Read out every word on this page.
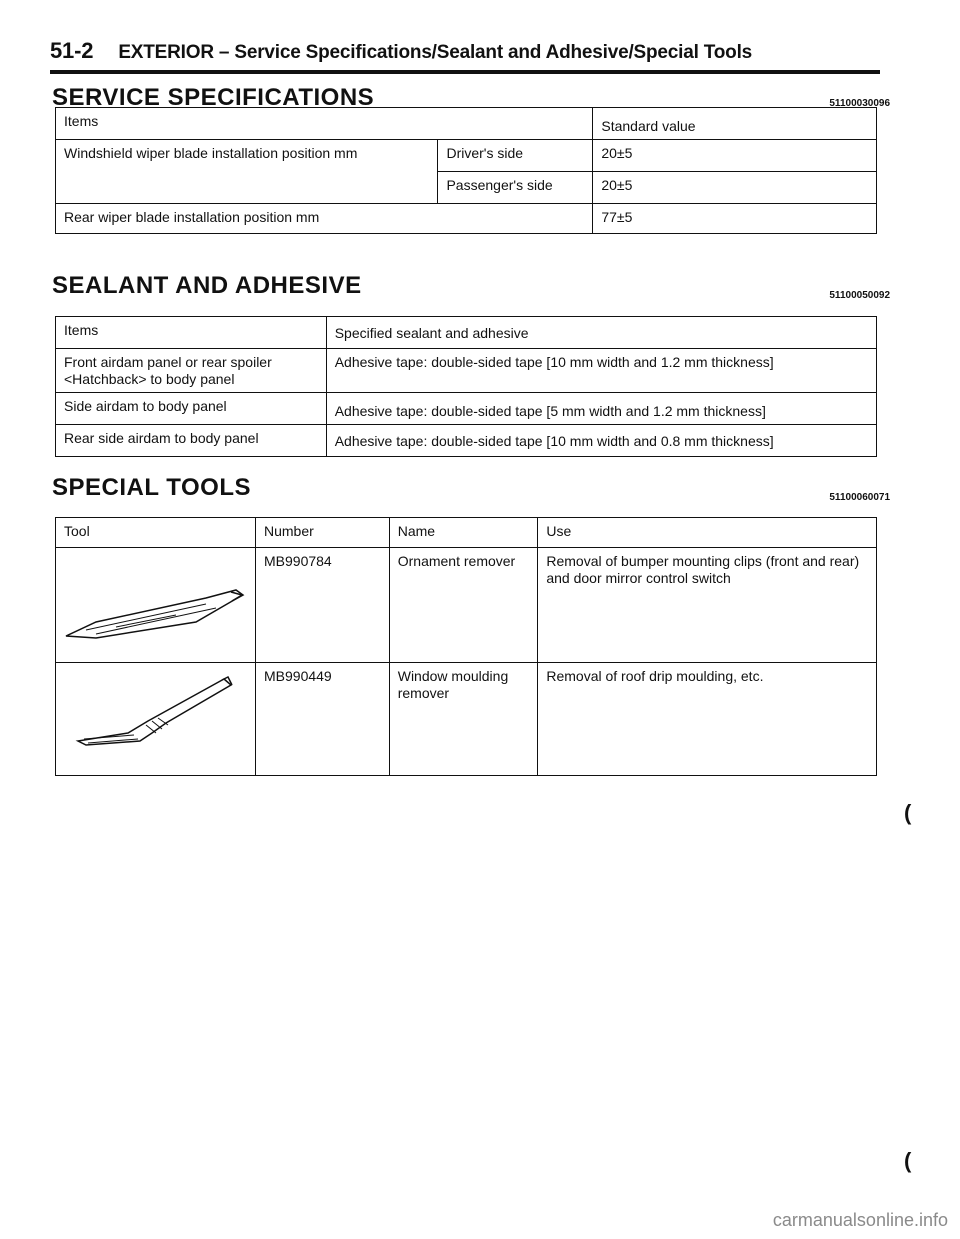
51-2 EXTERIOR – Service Specifications/Sealant and Adhesive/Special Tools
SERVICE SPECIFICATIONS	51100030096
Items		Standard value
Windshield wiper blade installation position mm	Driver's side	20±5
	Passenger's side	20±5
Rear wiper blade installation position mm		77±5
SEALANT AND ADHESIVE	51100050092
Items	Specified sealant and adhesive
Front airdam panel or rear spoiler <Hatchback> to body panel	Adhesive tape: double-sided tape [10 mm width and 1.2 mm thickness]
Side airdam to body panel	Adhesive tape: double-sided tape [5 mm width and 1.2 mm thickness]
Rear side airdam to body panel	Adhesive tape: double-sided tape [10 mm width and 0.8 mm thickness]
SPECIAL TOOLS	51100060071
Tool	Number	Name	Use
	MB990784	Ornament remover	Removal of bumper mounting clips (front and rear) and door mirror control switch
	MB990449	Window moulding remover	Removal of roof drip moulding, etc.
(
(
carmanualsonline.info
